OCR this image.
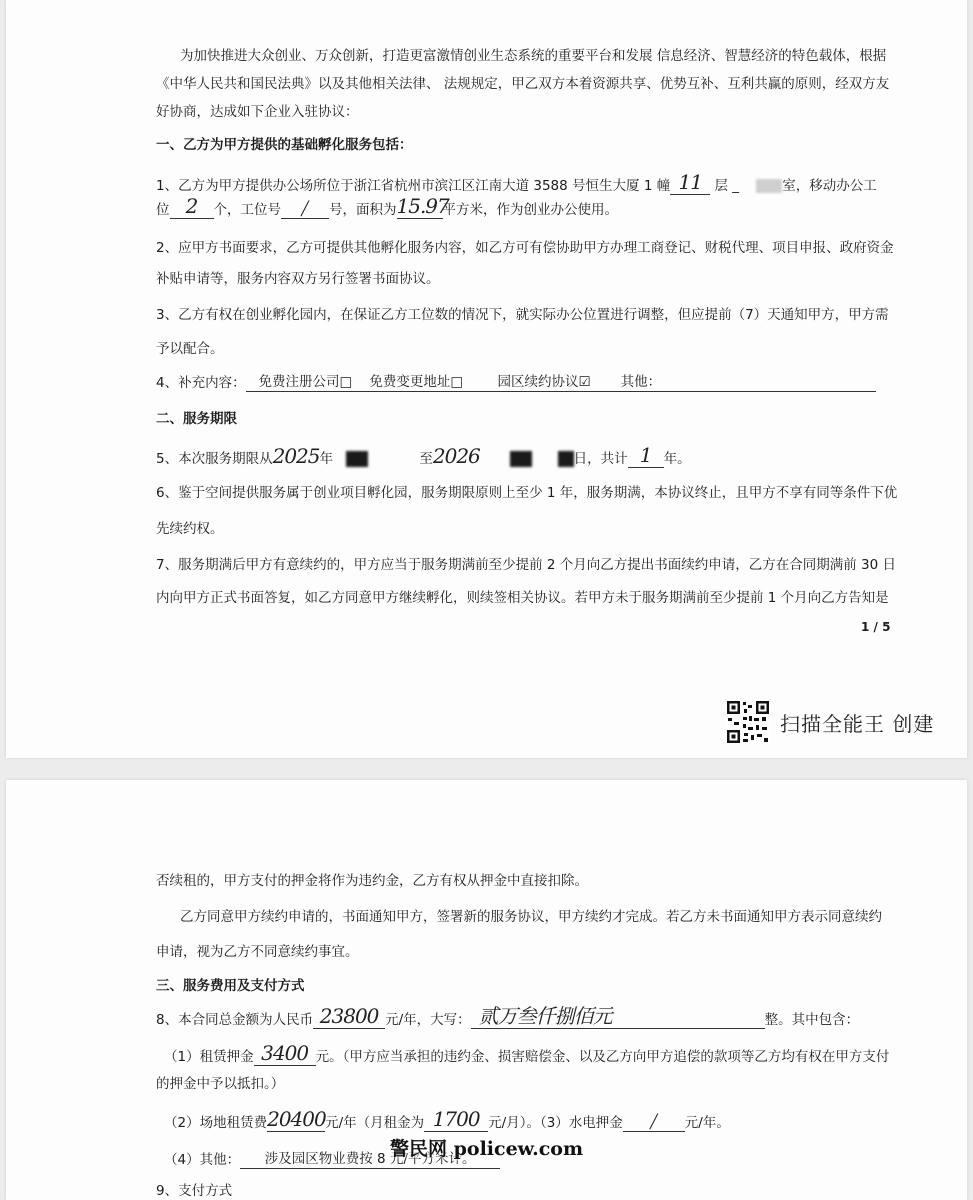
为加快推进大众创业、万众创新，打造更富激情创业生态系统的重要平台和发展 信息经济、智慧经济的特色载体，根据
《中华人民共和国民法典》以及其他相关法律、 法规规定，甲乙双方本着资源共享、优势互补、互利共赢的原则，经双方友
好协商，达成如下企业入驻协议：
一、乙方为甲方提供的基础孵化服务包括：
1、乙方为甲方提供办公场所位于浙江省杭州市滨江区江南大道 3588 号恒生大厦 1 幢 11 层 _    室，移动办公工
位 2 个，工位号 ╱ 号，面积为15.97平方米，作为创业办公使用。
2、应甲方书面要求，乙方可提供其他孵化服务内容，如乙方可有偿协助甲方办理工商登记、财税代理、项目申报、政府资金
补贴申请等，服务内容双方另行签署书面协议。
3、乙方有权在创业孵化园内，在保证乙方工位数的情况下，就实际办公位置进行调整，但应提前（7）天通知甲方，甲方需
予以配合。
4、补充内容： 免费注册公司□ 免费变更地址□	园区续约协议☑ 其他：
二、服务期限
5、本次服务期限从2025年	至2026	日，共计 1 年。
6、鉴于空间提供服务属于创业项目孵化园，服务期限原则上至少 1 年，服务期满，本协议终止，且甲方不享有同等条件下优
先续约权。
7、服务期满后甲方有意续约的，甲方应当于服务期满前至少提前 2 个月向乙方提出书面续约申请，乙方在合同期满前 30 日
内向甲方正式书面答复，如乙方同意甲方继续孵化，则续签相关协议。若甲方未于服务期满前至少提前 1 个月向乙方告知是
1 / 5
扫描全能王 创建
否续租的，甲方支付的押金将作为违约金，乙方有权从押金中直接扣除。
乙方同意甲方续约申请的，书面通知甲方，签署新的服务协议，甲方续约才完成。若乙方未书面通知甲方表示同意续约
申请，视为乙方不同意续约事宜。
三、服务费用及支付方式
8、本合同总金额为人民币 23800 元/年，大写： 贰万叁仟捌佰元	整。其中包含：
（1）租赁押金 3400 元。（甲方应当承担的违约金、损害赔偿金、以及乙方向甲方追偿的款项等乙方均有权在甲方支付
的押金中予以抵扣。）
（2）场地租赁费20400元/年（月租金为 1700 元/月）。（3）水电押金 ╱ 元/年。
（4）其他： 涉及园区物业费按 8 元/平方米计。
9、支付方式
警民网 policew.com
